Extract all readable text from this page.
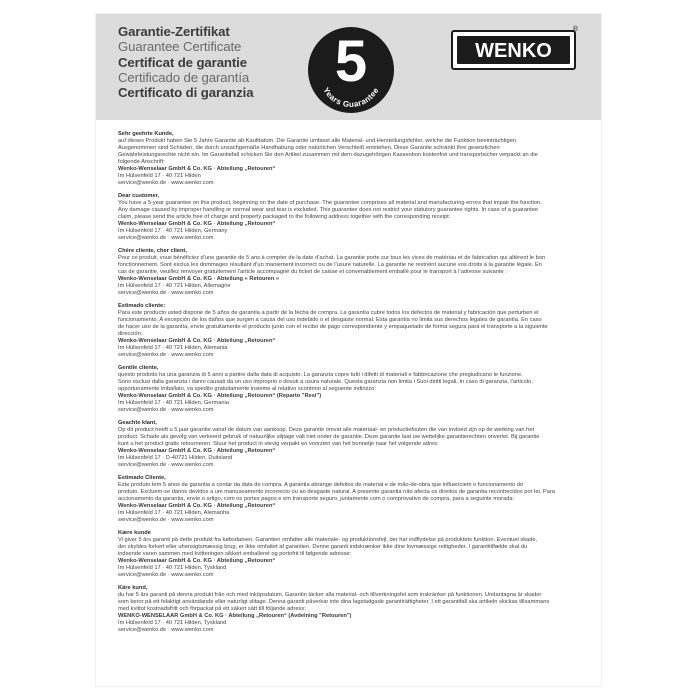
Garantie-Zertifikat
Guarantee Certificate
Certificat de garantie
Certificado de garantía
Certificato di garanzia	5
Years Guarantee
WENKO
®
Sehr geehrte Kunde,
auf dieses Produkt haben Sie 5 Jahre Garantie ab Kaufdatum. Die Garantie umfasst alle Material- und Herstellungsfehler, welche die Funktion beeinträchtigen.
Ausgenommen sind Schäden, die durch unsachgemäße Handhabung oder natürlichen Verschleiß entstehen. Diese Garantie schränkt Ihre gesetzlichen
Gewährleistungsrechte nicht ein. Im Garantiefall schicken Sie den Artikel zusammen mit dem dazugehörigen Kassenbon kostenfrei und transportsicher verpackt an die
folgende Anschrift:
Wenko-Wenselaar GmbH & Co. KG · Abteilung „Retouren“
Im Hülsenfeld 17 · 40 721 Hilden
service@wenko.de · www.wenko.com
Dear customer,
You have a 5-year guarantee on this product, beginning on the date of purchase. The guarantee comprises all material and manufacturing errors that impair the function.
Any damage caused by improper handling or normal wear and tear is excluded. This guarantee does not restrict your statutory guarantee rights. In case of a guarantee
claim, please send the article free of charge and properly packaged to the following address together with the corresponding receipt:
Wenko-Wenselaar GmbH & Co. KG · Abteilung „Retouren“
Im Hülsenfeld 17 · 40 721 Hilden, Germany
service@wenko.de · www.wenko.com
Chère cliente, cher client,
Pour ce produit, vous bénéficiez d’une garantie de 5 ans à compter de la date d’achat. La garantie porte sur tous les vices de matériau et de fabrication qui altèrent le bon
fonctionnement. Sont exclus les dommages résultant d’un maniement incorrect ou de l’usure naturelle. La garantie ne restreint aucune vos droits à la garantie légale. En
cas de garantie, veuillez renvoyer gratuitement l’article accompagné du ticket de caisse et convenablement emballé pour le transport à l’adresse suivante :
Wenko-Wenselaar GmbH & Co. KG · Abteilung « Retouren »
Im Hülsenfeld 17 · 40 721 Hilden, Allemagne
service@wenko.de · www.wenko.com
Estimado cliente:
Para este producto usted dispone de 5 años de garantía a partir de la fecha de compra. La garantía cubre todos los defectos de material y fabricación que perturben el
funcionamiento. A excepción de los daños que surgen a causa del uso indebido o el desgaste normal. Esta garantía no limita sus derechos legales de garantía. En caso
de hacer uso de la garantía, envíe gratuitamente el producto junto con el recibo de pago correspondiente y empaquetado de forma segura para el transporte a la siguiente
dirección:
Wenko-Wenselaar GmbH & Co. KG · Abteilung „Retouren“
Im Hülsenfeld 17 · 40 721 Hilden, Alemania
service@wenko.de · www.wenko.com
Gentile cliente,
questo prodotto ha una garanzia di 5 anni a partire dalla data di acquisto. La garanzia copre tutti i difetti di materiali e fabbricazione che pregiudicano le funzione.
Sono esclusi dalla garanzia i danni causati da un uso improprio o dovuti a usura naturale. Questa garanzia non limita i Suoi diritti legali. In caso di garanzia, l’articolo,
opportunamente imballato, va spedito gratuitamente insieme al relativo scontrino al seguente indirizzo:
Wenko-Wenselaar GmbH & Co. KG · Abteilung „Retouren“ (Reparto "Resi")
Im Hülsenfeld 17 · 40 721 Hilden, Germania
service@wenko.de · www.wenko.com
Geachte klant,
Op dit product heeft u 5 jaar garantie vanaf de datum van aankoop. Deze garantie omvat alle materiaal- en productiefouten die van invloed zijn op de werking van het
product. Schade als gevolg van verkeerd gebruik of natuurlijke slijtage valt niet onder de garantie. Deze garantie laat uw wettelijke garantierechten onverlet. Bij garantie
kunt u het product gratis retourneren. Stuur het product in stevig verpakt en voorzien van het bonnetje naar het volgende adres:
Wenko-Wenselaar GmbH & Co. KG · Abteilung „Retouren“
Im Hülsenfeld 17 · D-40721 Hilden, Duitsland
service@wenko.de · www.wenko.com
Estimado Cliente,
Este produto tem 5 anos de garantia a contar da data de compra. A garantia abrange defeitos de material e de mão-de-obra que influenciem o funcionamento do
produto. Excluem-se danos devidos a um manuseamento incorrecto ou ao desgaste natural. A presente garantia não afecta os direitos de garantia reconhecidos por lei. Para
accionamento da garantia, envie o artigo, com os portes pagos e em transporte seguro, juntamente com o comprovativo de compra, para a seguinte morada:
Wenko-Wenselaar GmbH & Co. KG · Abteilung „Retouren“
Im Hülsenfeld 17 · 40 721 Hilden, Alemanha
service@wenko.de · www.wenko.com
Kære kunde
Vi giver 5 års garanti på dette produkt fra købsdatoen. Garantien omfatter alle materiale- og produktionsfejl, der har indflydelse på produktets funktion. Eventuel skade,
der skyldes forkert eller uhensigtsmæssig brug, er ikke omfattet af garantien. Denne garanti indskrænker ikke dine lovmæssige rettigheder. I garantitilfælde skal du
indsende varen sammen med kvitteringen sikkert emballeret og portofrit til følgende adresse:
Wenko-Wenselaar GmbH & Co. KG · Abteilung „Retouren“
Im Hülsenfeld 17 · 40 721 Hilden, Tyskland
service@wenko.de · www.wenko.com
Käre kund,
du har 5 års garanti på denna produkt från och med inköpsdatum. Garantin täcker alla material- och tillverkningsfel som inskränker på funktionen. Undantagna är skador
som beror på ett felaktigt användande eller naturligt slitage. Denna garanti påverkar inte dina lagstadgade garantirättigheter. I ett garantifall ska artikeln skickas tillsammans
med kvittot kostnadsfritt och förpackat på ett säkert sätt till följande adress:
WENKO-WENSELAAR GmbH & Co. KG · Abteilung „Retouren“ (Avdelning "Retouren")
Im Hülsenfeld 17 · 40 721 Hilden, Tyskland
service@wenko.de · www.wenko.com
